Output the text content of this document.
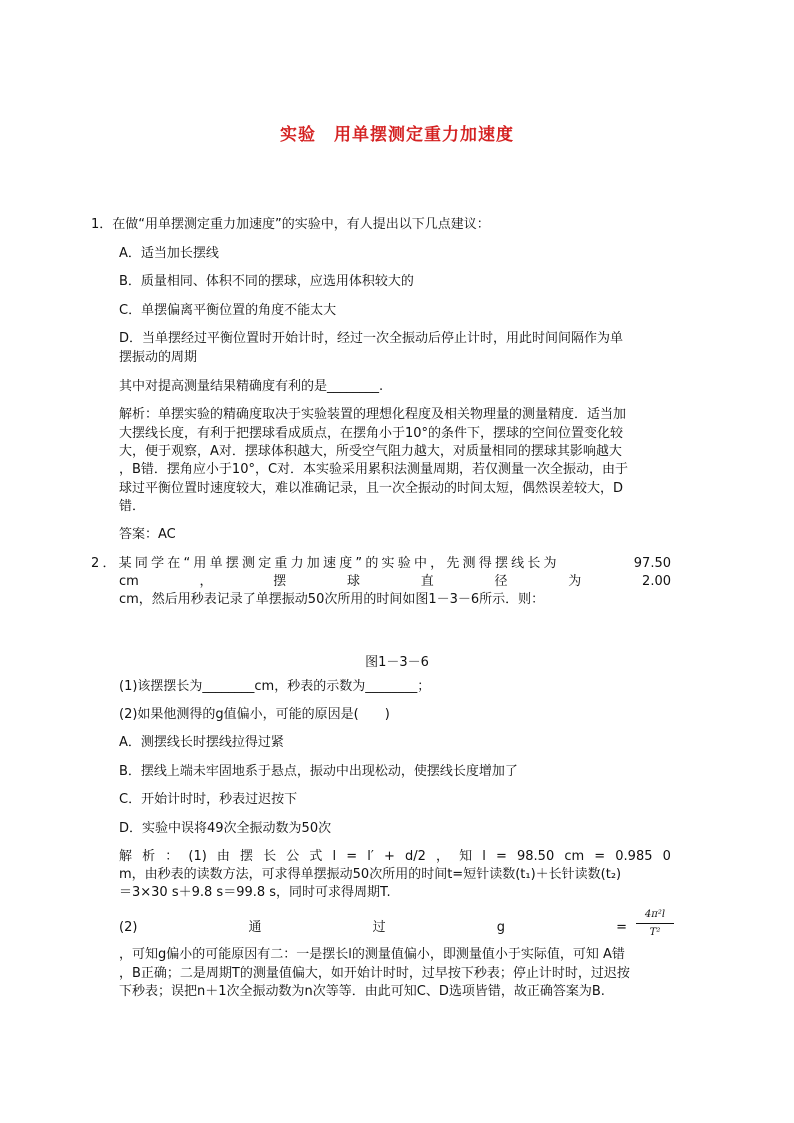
实验　用单摆测定重力加速度
1．在做“用单摆测定重力加速度”的实验中，有人提出以下几点建议：
A．适当加长摆线
B．质量相同、体积不同的摆球，应选用体积较大的
C．单摆偏离平衡位置的角度不能太大
D．当单摆经过平衡位置时开始计时，经过一次全振动后停止计时，用此时间间隔作为单
摆振动的周期
其中对提高测量结果精确度有利的是________.
解析：单摆实验的精确度取决于实验装置的理想化程度及相关物理量的测量精度．适当加
大摆线长度，有利于把摆球看成质点，在摆角小于10°的条件下，摆球的空间位置变化较
大，便于观察，A对．摆球体积越大，所受空气阻力越大，对质量相同的摆球其影响越大
，B错．摆角应小于10°，C对．本实验采用累积法测量周期，若仅测量一次全振动，由于
球过平衡位置时速度较大，难以准确记录，且一次全振动的时间太短，偶然误差较大，D
错．
答案：AC
2．某同学在“用单摆测定重力加速度”的实验中，先测得摆线长为	97.50
cm	，	摆	球	直	径	为	2.00
cm，然后用秒表记录了单摆振动50次所用的时间如图1－3－6所示．则：
图1－3－6
(1)该摆摆长为________cm，秒表的示数为________；
(2)如果他测得的g值偏小，可能的原因是(　　)
A．测摆线长时摆线拉得过紧
B．摆线上端未牢固地系于悬点，振动中出现松动，使摆线长度增加了
C．开始计时时，秒表过迟按下
D．实验中误将49次全振动数为50次
解 析 ： (1) 由 摆 长 公 式 l = l′ + d/2 ， 知 l = 98.50 cm = 0.985 0
m，由秒表的读数方法，可求得单摆振动50次所用的时间t=短针读数(t₁)＋长针读数(t₂)
＝3×30 s＋9.8 s＝99.8 s，同时可求得周期T.
(2)	通	过	g	= $\frac{\text{4π²l}}{\text{T²}}$
，可知g偏小的可能原因有二：一是摆长l的测量值偏小，即测量值小于实际值，可知 A错
，B正确；二是周期T的测量值偏大，如开始计时时，过早按下秒表；停止计时时，过迟按
下秒表；误把n＋1次全振动数为n次等等．由此可知C、D选项皆错，故正确答案为B.
